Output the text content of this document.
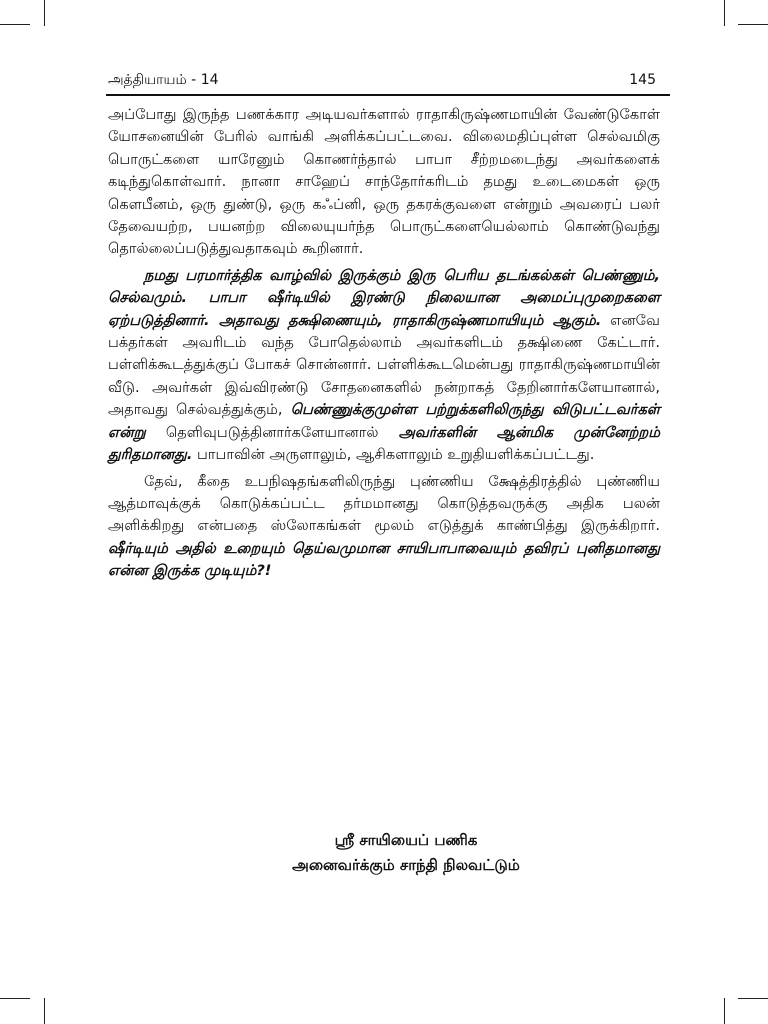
அத்தியாயம் - 14	145

அப்போது இருந்த பணக்கார அடியவர்களால் ராதாகிருஷ்ணமாயின் வேண்டுகோள் யோசனையின் பேரில் வாங்கி அளிக்கப்பட்டவை. விலைமதிப்புள்ள செல்வமிகு பொருட்களை யாரேனும் கொணர்ந்தால் பாபா சீற்றமடைந்து அவர்களைக் கடிந்துகொள்வார். நானா சாஹேப் சாந்தோர்கரிடம் தமது உடைமைகள் ஒரு கௌபீனம், ஒரு துண்டு, ஒரு கஃப்னி, ஒரு தகரக்குவளை என்றும் அவரைப் பலர் தேவையற்ற, பயனற்ற விலையுயர்ந்த பொருட்களையெல்லாம் கொண்டுவந்து தொல்லைப்படுத்துவதாகவும் கூறினார்.

நமது பரமார்த்திக வாழ்வில் இருக்கும் இரு பெரிய தடங்கல்கள் பெண்ணும், செல்வமும். பாபா ஷீர்டியில் இரண்டு நிலையான அமைப்புமுறைகளை ஏற்படுத்தினார். அதாவது தக்ஷிணையும், ராதாகிருஷ்ணமாயியும் ஆகும். எனவே பக்தர்கள் அவரிடம் வந்த போதெல்லாம் அவர்களிடம் தக்ஷிணை கேட்டார். பள்ளிக்கூடத்துக்குப் போகச் சொன்னார். பள்ளிக்கூடமென்பது ராதாகிருஷ்ணமாயின் வீடு. அவர்கள் இவ்விரண்டு சோதனைகளில் நன்றாகத் தேறினார்களேயானால், அதாவது செல்வத்துக்கும், பெண்ணுக்குமுள்ள பற்றுக்களிலிருந்து விடுபட்டவர்கள் என்று தெளிவுபடுத்தினார்களேயானால் அவர்களின் ஆன்மிக முன்னேற்றம் துரிதமானது. பாபாவின் அருளாலும், ஆசிகளாலும் உறுதியளிக்கப்பட்டது.

தேவ், கீதை உபநிஷதங்களிலிருந்து புண்ணிய க்ஷேத்திரத்தில் புண்ணிய ஆத்மாவுக்குக் கொடுக்கப்பட்ட தர்மமானது கொடுத்தவருக்கு அதிக பலன் அளிக்கிறது என்பதை ஸ்லோகங்கள் மூலம் எடுத்துக் காண்பித்து இருக்கிறார். ஷீர்டியும் அதில் உறையும் தெய்வமுமான சாயிபாபாவையும் தவிரப் புனிதமானது என்ன இருக்க முடியும்?!

ஸ்ரீ சாயியைப் பணிக
அனைவர்க்கும் சாந்தி நிலவட்டும்
